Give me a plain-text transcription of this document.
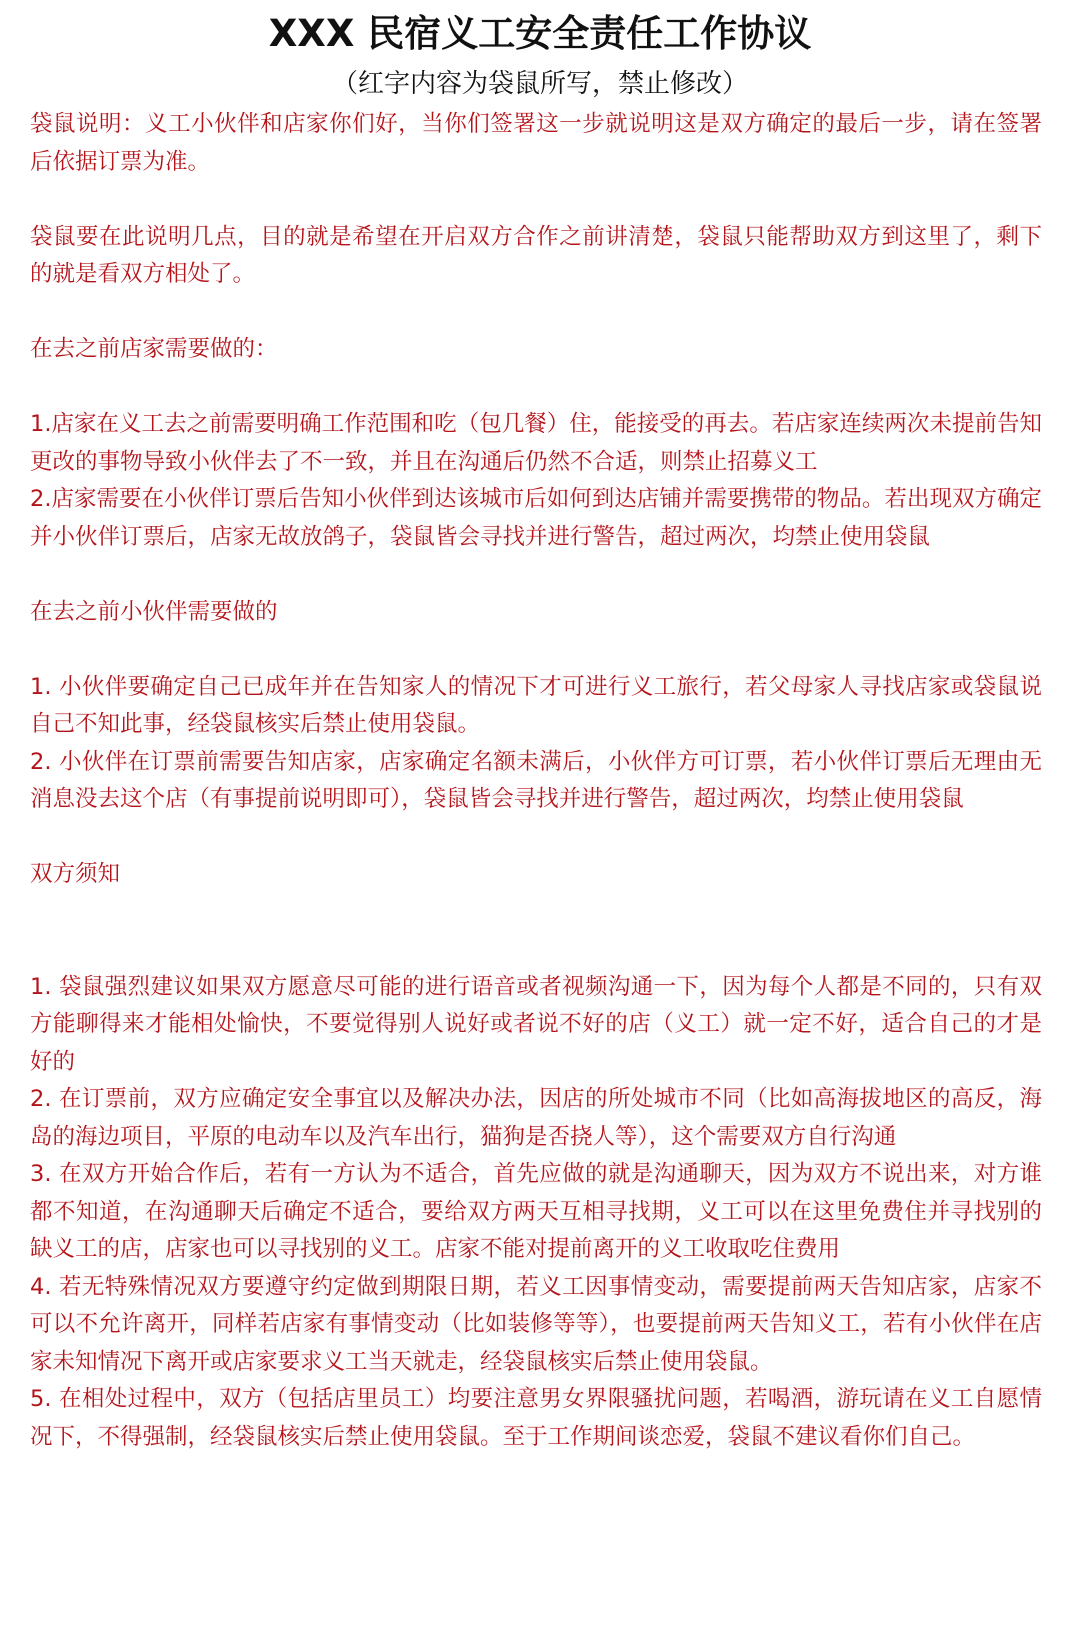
XXX 民宿义工安全责任工作协议
（红字内容为袋鼠所写，禁止修改）

袋鼠说明：义工小伙伴和店家你们好，当你们签署这一步就说明这是双方确定的最后一步，请在签署后依据订票为准。

袋鼠要在此说明几点，目的就是希望在开启双方合作之前讲清楚，袋鼠只能帮助双方到这里了，剩下的就是看双方相处了。

在去之前店家需要做的：

1.店家在义工去之前需要明确工作范围和吃（包几餐）住，能接受的再去。若店家连续两次未提前告知更改的事物导致小伙伴去了不一致，并且在沟通后仍然不合适，则禁止招募义工

2.店家需要在小伙伴订票后告知小伙伴到达该城市后如何到达店铺并需要携带的物品。若出现双方确定并小伙伴订票后，店家无故放鸽子，袋鼠皆会寻找并进行警告，超过两次，均禁止使用袋鼠

在去之前小伙伴需要做的

1. 小伙伴要确定自己已成年并在告知家人的情况下才可进行义工旅行，若父母家人寻找店家或袋鼠说自己不知此事，经袋鼠核实后禁止使用袋鼠。

2. 小伙伴在订票前需要告知店家，店家确定名额未满后，小伙伴方可订票，若小伙伴订票后无理由无消息没去这个店（有事提前说明即可），袋鼠皆会寻找并进行警告，超过两次，均禁止使用袋鼠

双方须知

1. 袋鼠强烈建议如果双方愿意尽可能的进行语音或者视频沟通一下，因为每个人都是不同的，只有双方能聊得来才能相处愉快，不要觉得别人说好或者说不好的店（义工）就一定不好，适合自己的才是好的

2. 在订票前，双方应确定安全事宜以及解决办法，因店的所处城市不同（比如高海拔地区的高反，海岛的海边项目，平原的电动车以及汽车出行，猫狗是否挠人等），这个需要双方自行沟通

3. 在双方开始合作后，若有一方认为不适合，首先应做的就是沟通聊天，因为双方不说出来，对方谁都不知道，在沟通聊天后确定不适合，要给双方两天互相寻找期，义工可以在这里免费住并寻找别的缺义工的店，店家也可以寻找别的义工。店家不能对提前离开的义工收取吃住费用

4. 若无特殊情况双方要遵守约定做到期限日期，若义工因事情变动，需要提前两天告知店家，店家不可以不允许离开，同样若店家有事情变动（比如装修等等），也要提前两天告知义工，若有小伙伴在店家未知情况下离开或店家要求义工当天就走，经袋鼠核实后禁止使用袋鼠。

5. 在相处过程中，双方（包括店里员工）均要注意男女界限骚扰问题，若喝酒，游玩请在义工自愿情况下，不得强制，经袋鼠核实后禁止使用袋鼠。至于工作期间谈恋爱，袋鼠不建议看你们自己。
